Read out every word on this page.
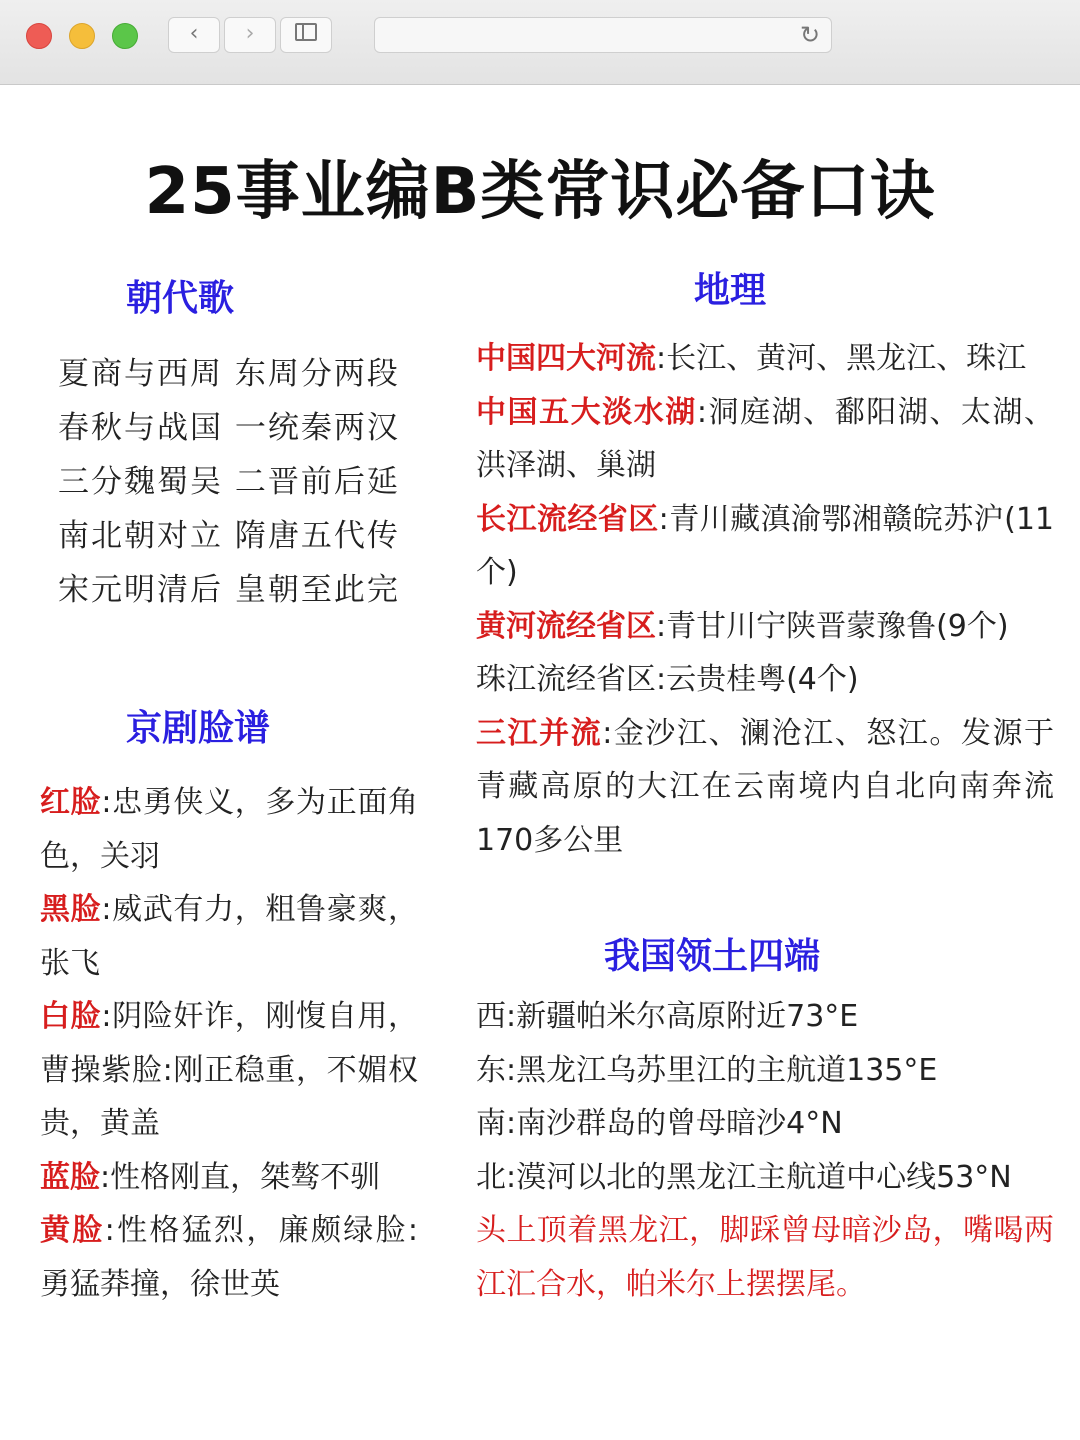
‹	›	↻
25事业编B类常识必备口诀
朝代歌
夏商与西周 东周分两段
春秋与战国 一统秦两汉
三分魏蜀吴 二晋前后延
南北朝对立 隋唐五代传
宋元明清后 皇朝至此完
京剧脸谱

红脸:忠勇侠义，多为正面角色，关羽

黑脸:威武有力，粗鲁豪爽，张飞

白脸:阴险奸诈，刚愎自用， 曹操紫脸:刚正稳重，不媚权贵，黄盖

蓝脸:性格刚直，桀骜不驯

黄脸:性格猛烈，廉颇绿脸:勇猛莽撞，徐世英

地理

中国四大河流:长江、黄河、黑龙江、珠江

中国五大淡水湖:洞庭湖、鄱阳湖、太湖、洪泽湖、巢湖

长江流经省区:青川藏滇渝鄂湘赣皖苏沪(11个)

黄河流经省区:青甘川宁陕晋蒙豫鲁(9个)

珠江流经省区:云贵桂粤(4个)

三江并流:金沙江、澜沧江、怒江。发源于青藏高原的大江在云南境内自北向南奔流170多公里

我国领土四端

西:新疆帕米尔高原附近73°E

东:黑龙江乌苏里江的主航道135°E

南:南沙群岛的曾母暗沙4°N

北:漠河以北的黑龙江主航道中心线53°N

头上顶着黑龙江，脚踩曾母暗沙岛，嘴喝两江汇合水，帕米尔上摆摆尾。
